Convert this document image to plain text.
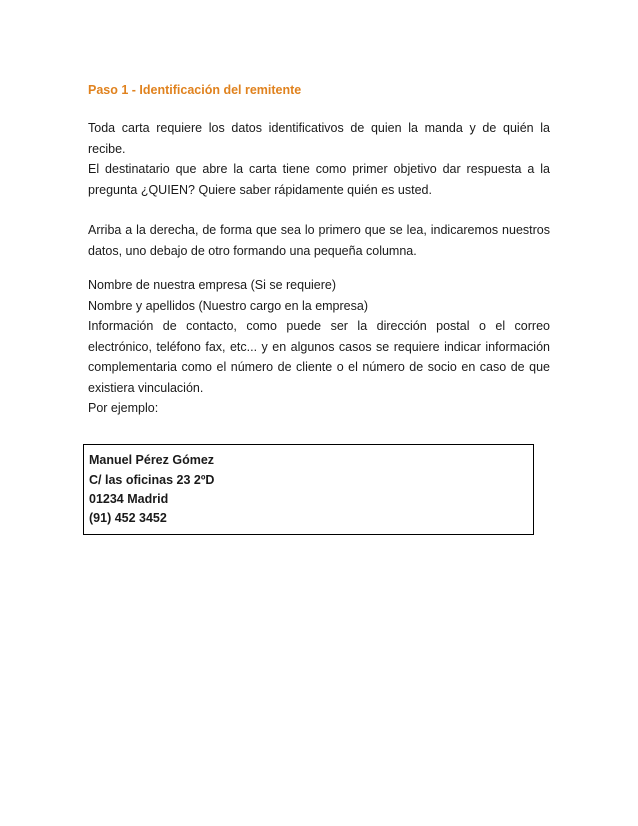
Paso 1 - Identificación del remitente
Toda carta requiere los datos identificativos de quien la manda y de quién la
recibe.
El destinatario que abre la carta tiene como primer objetivo dar respuesta a la
pregunta ¿QUIEN? Quiere saber rápidamente quién es usted.
Arriba a la derecha, de forma que sea lo primero que se lea, indicaremos nuestros
datos, uno debajo de otro formando una pequeña columna.
Nombre de nuestra empresa (Si se requiere)
Nombre y apellidos (Nuestro cargo en la empresa)
Información de contacto, como puede ser la dirección postal o el correo
electrónico, teléfono fax, etc... y en algunos casos se requiere indicar información
complementaria como el número de cliente o el número de socio en caso de que
existiera vinculación.
Por ejemplo:
Manuel Pérez Gómez
C/ las oficinas 23 2ºD
01234 Madrid
(91) 452 3452
